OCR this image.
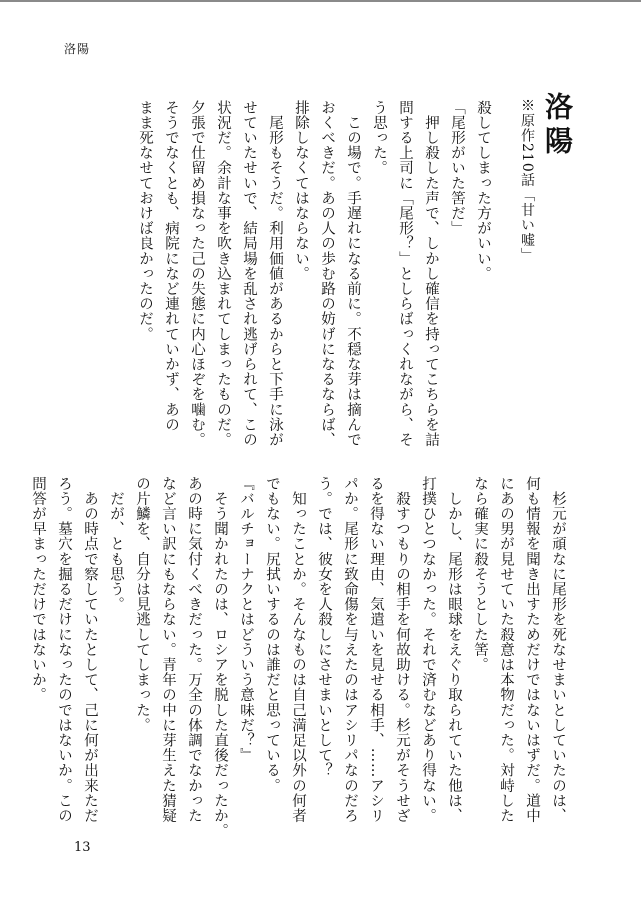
洛陽
洛陽
※原作210話「甘い嘘」
殺してしまった方がいい。
「尾形がいた筈だ」
　押し殺した声で、しかし確信を持ってこちらを詰
問する上司に「尾形？」としらばっくれながら、そ
う思った。
　この場で。手遅れになる前に。不穏な芽は摘んで
おくべきだ。あの人の歩む路の妨げになるならば、
排除しなくてはならない。
　尾形もそうだ。利用価値があるからと下手に泳が
せていたせいで、結局場を乱され逃げられて、この
状況だ。余計な事を吹き込まれてしまったものだ。
夕張で仕留め損なった己の失態に内心ほぞを噛む。
そうでなくとも、病院になど連れていかず、あの
まま死なせておけば良かったのだ。
　杉元が頑なに尾形を死なせまいとしていたのは、
何も情報を聞き出すためだけではないはずだ。道中
にあの男が見せていた殺意は本物だった。対峙した
なら確実に殺そうとした筈。
　しかし、尾形は眼球をえぐり取られていた他は、
打撲ひとつなかった。それで済むなどあり得ない。
　殺すつもりの相手を何故助ける。杉元がそうせざ
るを得ない理由、気遣いを見せる相手、……アシリ
パか。尾形に致命傷を与えたのはアシリパなのだろ
う。では、彼女を人殺しにさせまいとして？
　知ったことか。そんなものは自己満足以外の何者
でもない。尻拭いするのは誰だと思っている。
『バルチョーナクとはどういう意味だ？』
　そう聞かれたのは、ロシアを脱した直後だったか。
あの時に気付くべきだった。万全の体調でなかった
など言い訳にもならない。青年の中に芽生えた猜疑
の片鱗を、自分は見逃してしまった。
　だが、とも思う。
　あの時点で察していたとして、己に何が出来ただ
ろう。墓穴を掘るだけになったのではないか。この
問答が早まっただけではないか。
13
